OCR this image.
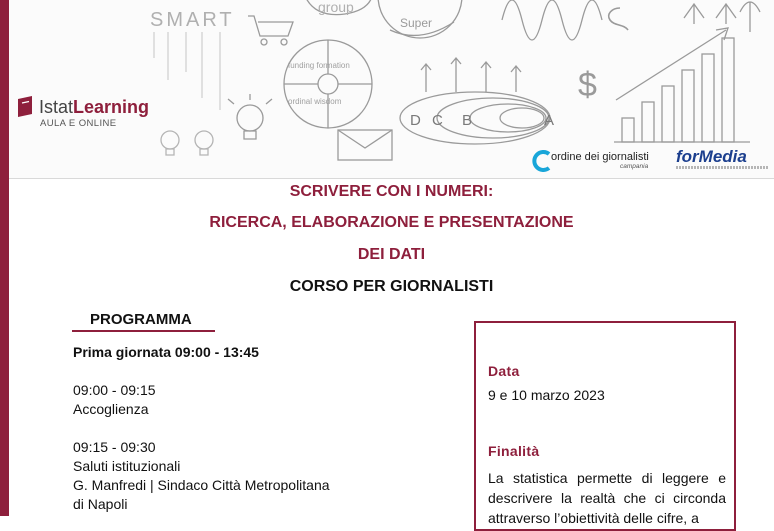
SMART
group
Super
funding formation
ordinal wisdom
D C B	A
$
IstatLearning
AULA E ONLINE
ordine dei giornalisti
campania
forMedia
SCRIVERE CON I NUMERI:
RICERCA, ELABORAZIONE E PRESENTAZIONE
DEI DATI
CORSO PER GIORNALISTI
PROGRAMMA
Prima giornata 09:00 - 13:45
09:00 - 09:15
Accoglienza
09:15 - 09:30
Saluti istituzionali
G. Manfredi | Sindaco Città Metropolitana
di Napoli
Data
9 e 10 marzo 2023
Finalità
La statistica permette di leggere e descrivere la realtà che ci circonda attraverso l’obiettività delle cifre, a
